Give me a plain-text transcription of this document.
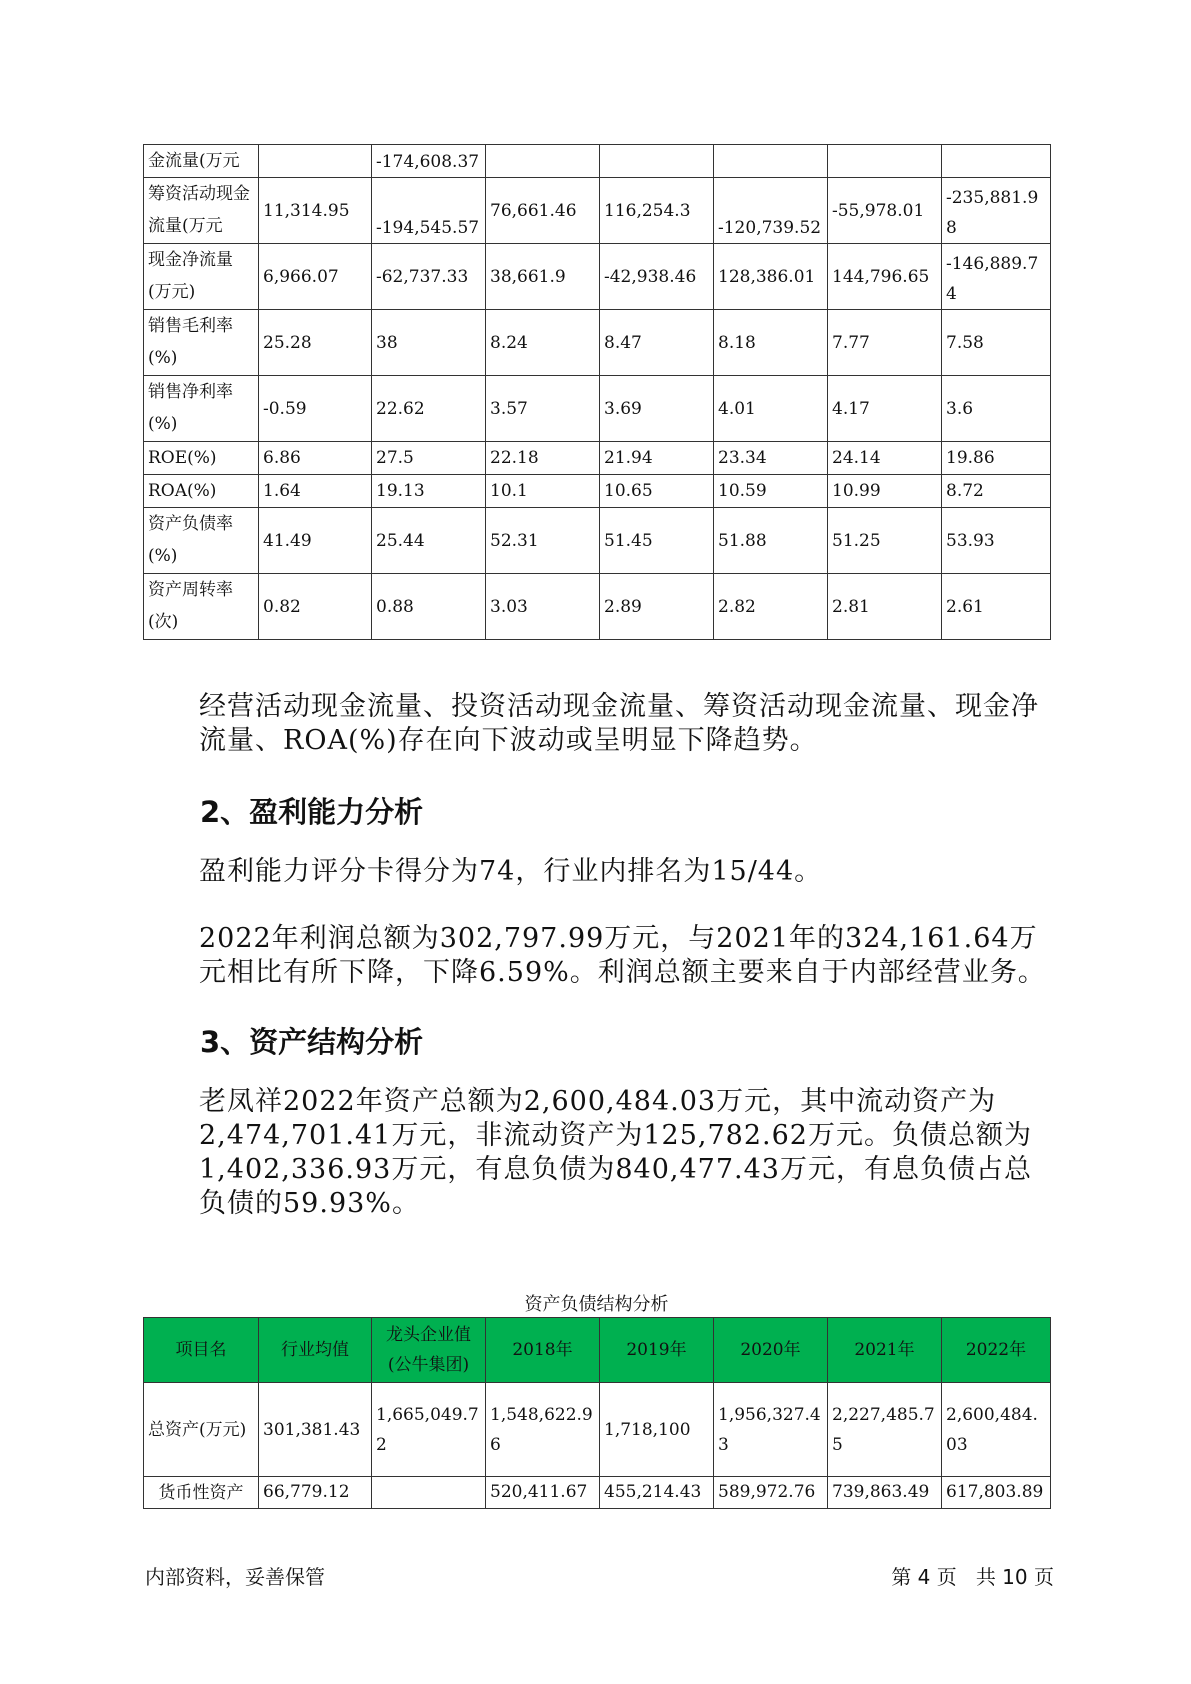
金流量(万元		-174,608.37					
筹资活动现金流量(万元	11,314.95	-194,545.57	76,661.46	116,254.3	-120,739.52	-55,978.01	-235,881.98
现金净流量(万元)	6,966.07	-62,737.33	38,661.9	-42,938.46	128,386.01	144,796.65	-146,889.74
销售毛利率(%)	25.28	38	8.24	8.47	8.18	7.77	7.58
销售净利率(%)	-0.59	22.62	3.57	3.69	4.01	4.17	3.6
ROE(%)	6.86	27.5	22.18	21.94	23.34	24.14	19.86
ROA(%)	1.64	19.13	10.1	10.65	10.59	10.99	8.72
资产负债率(%)	41.49	25.44	52.31	51.45	51.88	51.25	53.93
资产周转率(次)	0.82	0.88	3.03	2.89	2.82	2.81	2.61
经营活动现金流量、投资活动现金流量、筹资活动现金流量、现金净流量、ROA(%)存在向下波动或呈明显下降趋势。
2、盈利能力分析
盈利能力评分卡得分为74，行业内排名为15/44。
2022年利润总额为302,797.99万元，与2021年的324,161.64万元相比有所下降，下降6.59%。利润总额主要来自于内部经营业务。
3、资产结构分析
老凤祥2022年资产总额为2,600,484.03万元，其中流动资产为2,474,701.41万元，非流动资产为125,782.62万元。负债总额为1,402,336.93万元，有息负债为840,477.43万元，有息负债占总负债的59.93%。
资产负债结构分析
项目名	行业均值	龙头企业值(公牛集团)	2018年	2019年	2020年	2021年	2022年
总资产(万元)	301,381.43	1,665,049.72	1,548,622.96	1,718,100	1,956,327.43	2,227,485.75	2,600,484.03
货币性资产	66,779.12		520,411.67	455,214.43	589,972.76	739,863.49	617,803.89
内部资料，妥善保管	第 4 页   共 10 页
